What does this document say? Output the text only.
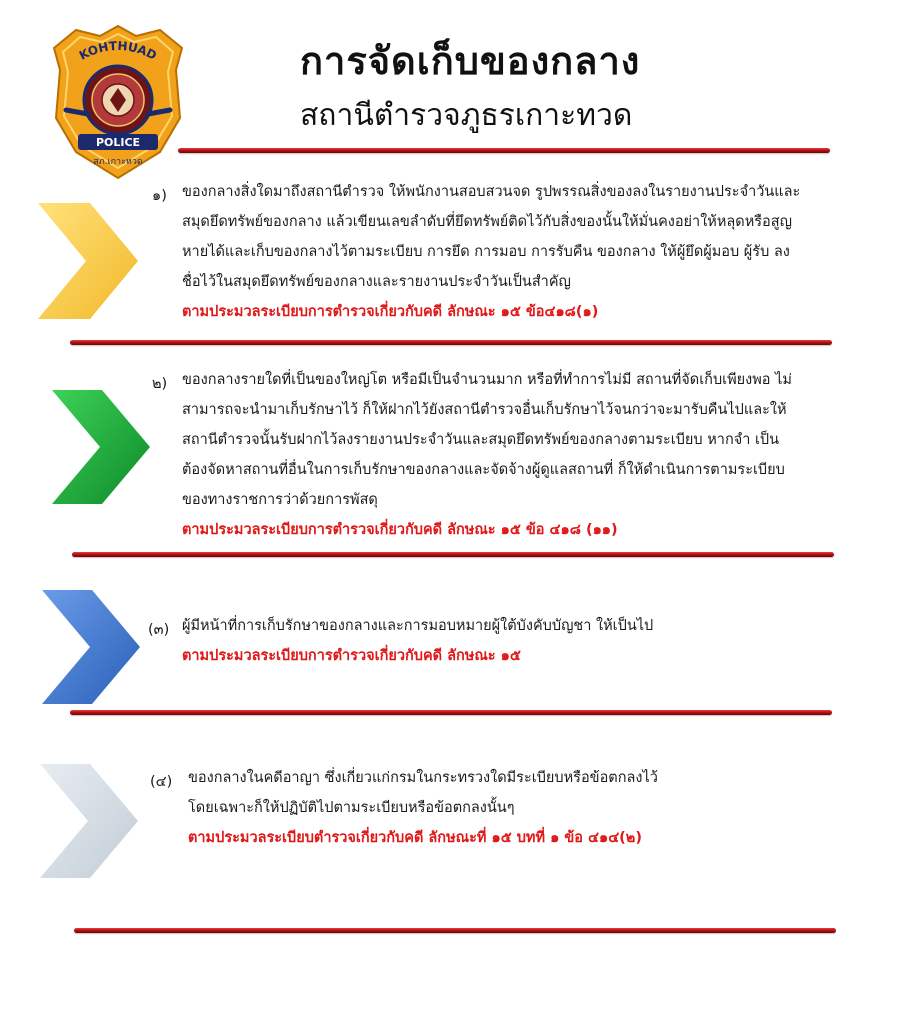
KOHTHUAD
POLICE
สภ.เกาะหวด
การจัดเก็บของกลาง
สถานีตำรวจภูธรเกาะทวด
๑) ของกลางสิ่งใดมาถึงสถานีตำรวจ ให้พนักงานสอบสวนจด รูปพรรณสิ่งของลงในรายงานประจำวันและ
สมุดยึดทรัพย์ของกลาง แล้วเขียนเลขลำดับที่ยึดทรัพย์ติดไว้กับสิ่งของนั้นให้มั่นคงอย่าให้หลุดหรือสูญ
หายได้และเก็บของกลางไว้ตามระเบียบ การยึด การมอบ การรับคืน ของกลาง ให้ผู้ยึดผู้มอบ ผู้รับ ลง
ชื่อไว้ในสมุดยึดทรัพย์ของกลางและรายงานประจำวันเป็นสำคัญ
ตามประมวลระเบียบการตำรวจเกี่ยวกับคดี ลักษณะ ๑๕ ข้อ๔๑๘(๑)
๒) ของกลางรายใดที่เป็นของใหญ่โต หรือมีเป็นจำนวนมาก หรือที่ทำการไม่มี สถานที่จัดเก็บเพียงพอ ไม่
สามารถจะนำมาเก็บรักษาไว้ ก็ให้ฝากไว้ยังสถานีตำรวจอื่นเก็บรักษาไว้จนกว่าจะมารับคืนไปและให้
สถานีตำรวจนั้นรับฝากไว้ลงรายงานประจำวันและสมุดยึดทรัพย์ของกลางตามระเบียบ หากจำ เป็น
ต้องจัดหาสถานที่อื่นในการเก็บรักษาของกลางและจัดจ้างผู้ดูแลสถานที่ ก็ให้ดำเนินการตามระเบียบ
ของทางราชการว่าด้วยการพัสดุ
ตามประมวลระเบียบการตำรวจเกี่ยวกับคดี ลักษณะ ๑๕ ข้อ ๔๑๘ (๑๑)
(๓) ผู้มีหน้าที่การเก็บรักษาของกลางและการมอบหมายผู้ใต้บังคับบัญชา ให้เป็นไป
ตามประมวลระเบียบการตำรวจเกี่ยวกับคดี ลักษณะ ๑๕
(๔) ของกลางในคดีอาญา ซึ่งเกี่ยวแก่กรมในกระทรวงใดมีระเบียบหรือข้อตกลงไว้
โดยเฉพาะก็ให้ปฏิบัติไปตามระเบียบหรือข้อตกลงนั้นๆ
ตามประมวลระเบียบตำรวจเกี่ยวกับคดี ลักษณะที่ ๑๕ บทที่ ๑ ข้อ ๔๑๔(๒)
